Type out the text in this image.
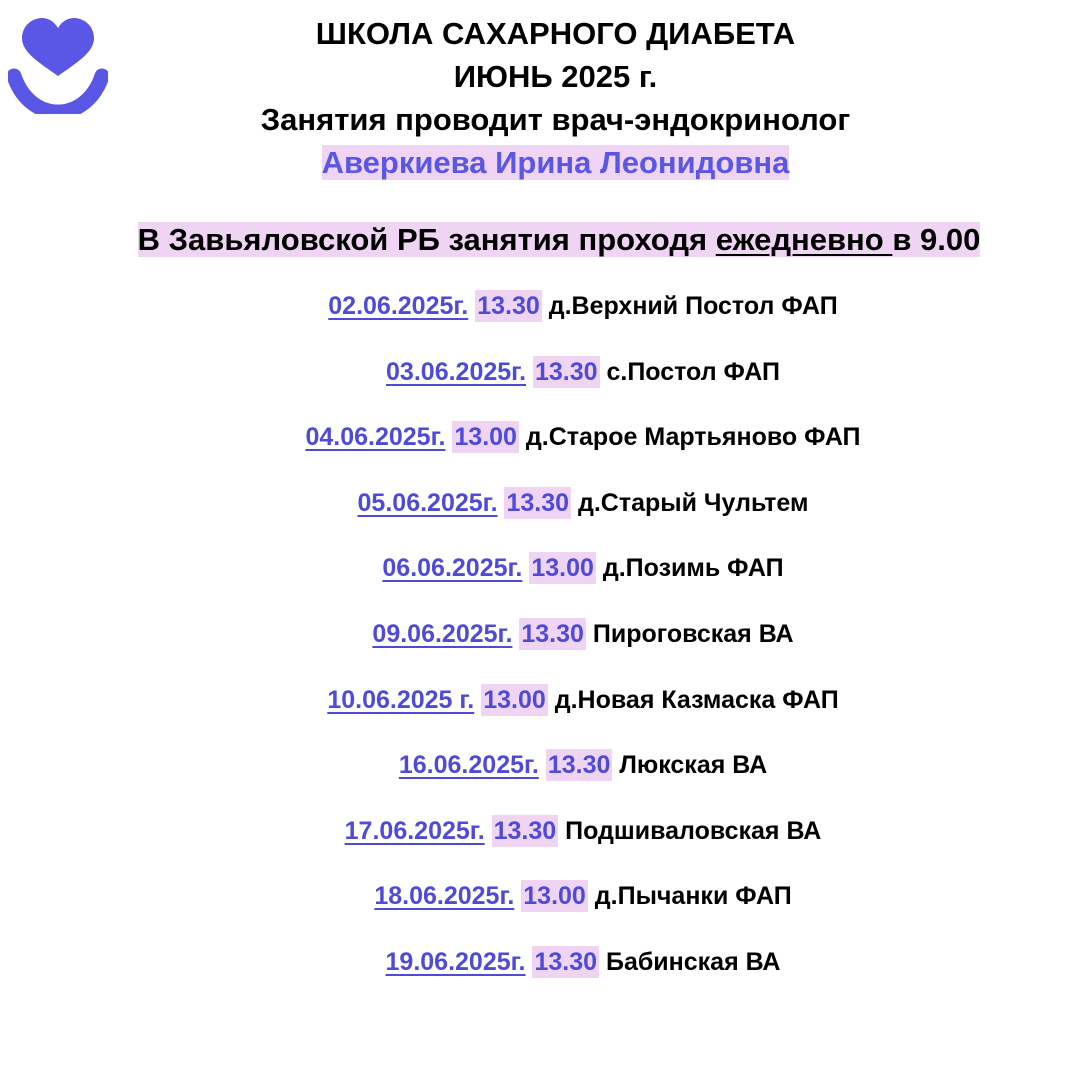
ШКОЛА САХАРНОГО ДИАБЕТА
ИЮНЬ 2025 г.
Занятия проводит врач-эндокринолог
Аверкиева Ирина Леонидовна
В Завьяловской РБ занятия проходя ежедневно в 9.00
02.06.2025г. 13.30 д.Верхний Постол ФАП
03.06.2025г. 13.30 с.Постол ФАП
04.06.2025г. 13.00 д.Старое Мартьяново ФАП
05.06.2025г. 13.30 д.Старый Чультем
06.06.2025г. 13.00 д.Позимь ФАП
09.06.2025г. 13.30 Пироговская ВА
10.06.2025 г. 13.00 д.Новая Казмаска ФАП
16.06.2025г. 13.30 Люкская ВА
17.06.2025г. 13.30 Подшиваловская ВА
18.06.2025г. 13.00 д.Пычанки ФАП
19.06.2025г. 13.30 Бабинская ВА
